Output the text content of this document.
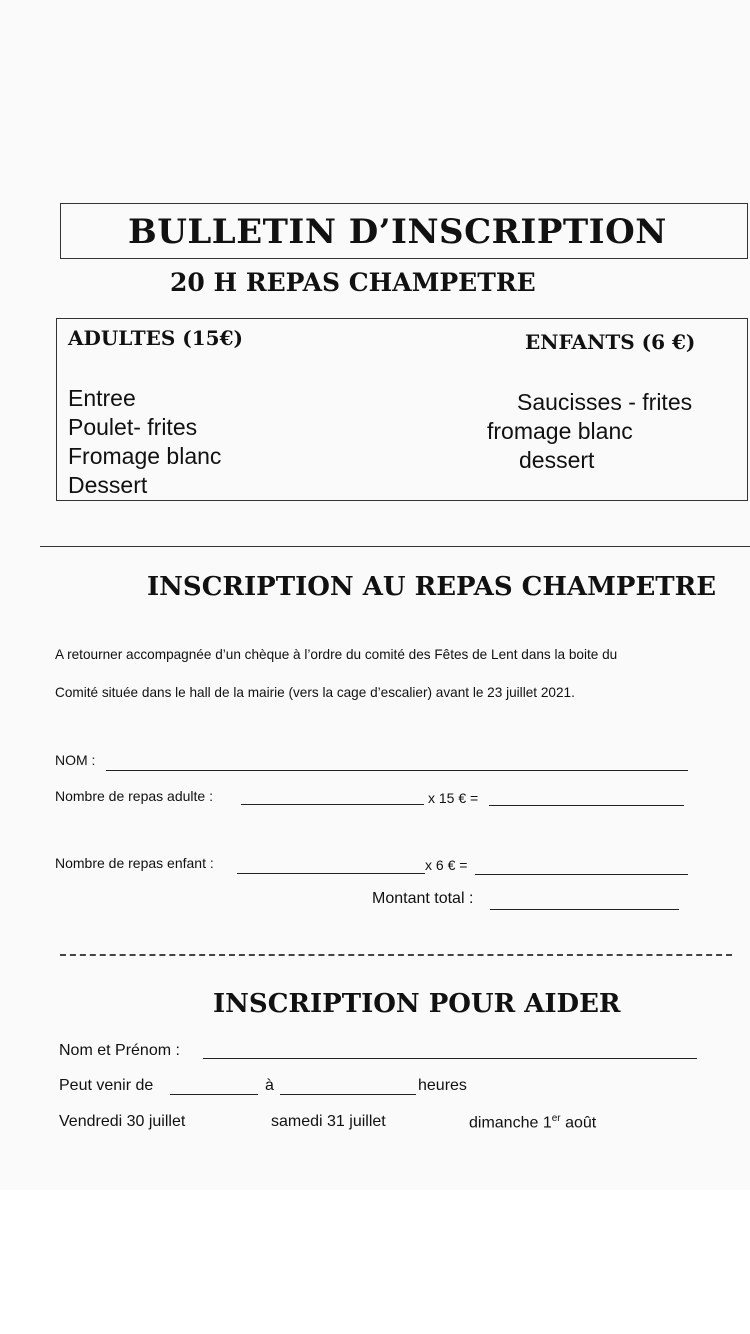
BULLETIN D’INSCRIPTION
20 H REPAS CHAMPETRE
ADULTES (15€)	ENFANTS (6 €)
Entree
Poulet- frites
Fromage blanc
Dessert
Saucisses - frites
fromage blanc
dessert
INSCRIPTION AU REPAS CHAMPETRE
A retourner accompagnée d’un chèque à l’ordre du comité des Fêtes de Lent dans la boite du
Comité située dans le hall de la mairie (vers la cage d’escalier) avant le 23 juillet 2021.
NOM :
Nombre de repas adulte :	x 15 € =
Nombre de repas enfant :	x 6 € =
Montant total :
INSCRIPTION POUR AIDER
Nom et Prénom :
Peut venir de	à	heures
Vendredi 30 juillet	samedi 31 juillet	dimanche 1er août
